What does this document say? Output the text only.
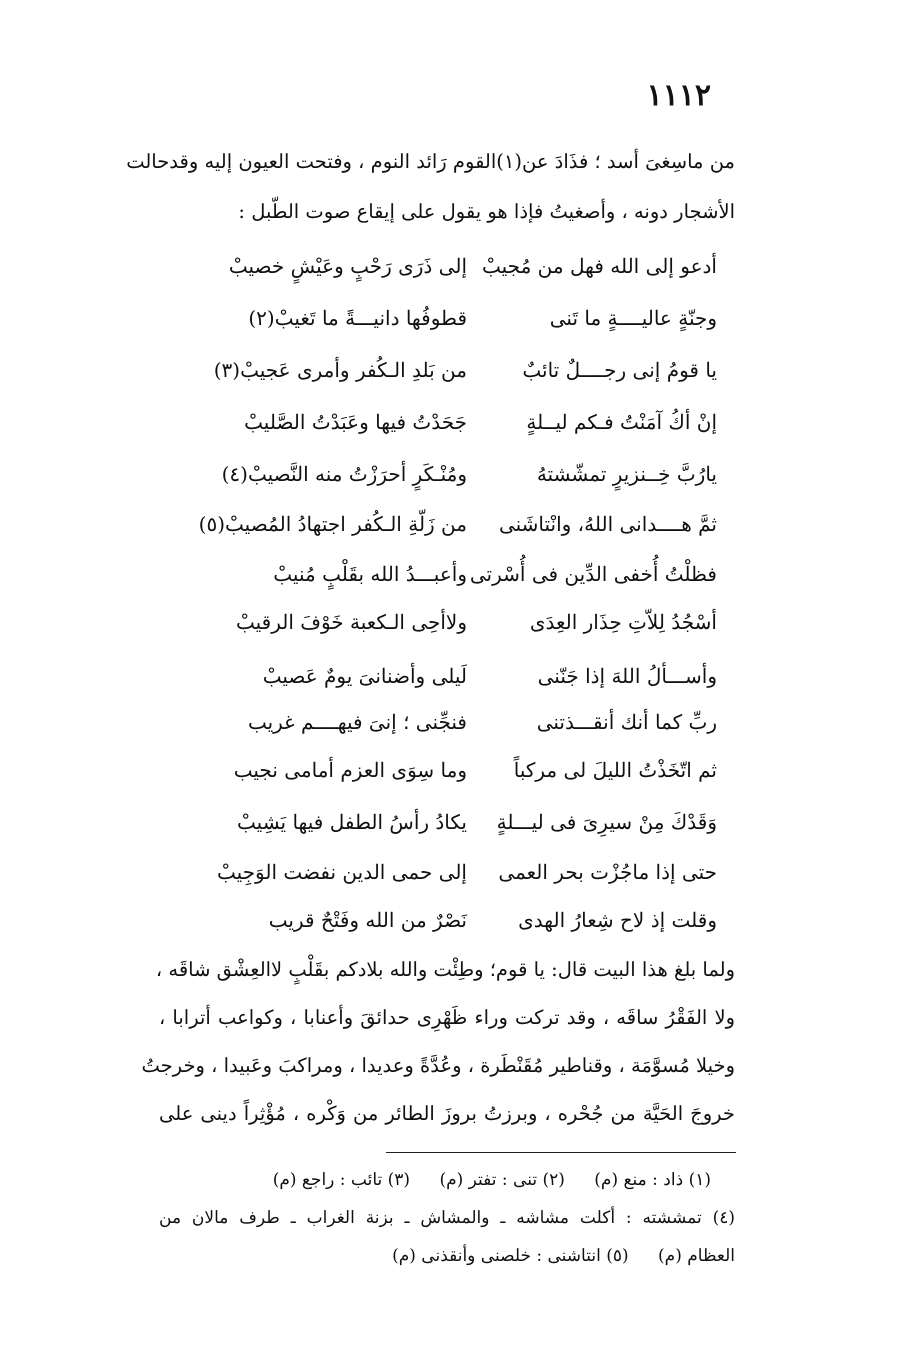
١١١٢
من ماسِغىَ أسد ؛ فذَادَ عن(١)القوم رَائد النوم ، وفتحت العيون إليه وقدحالت
الأشجار دونه ، وأصغيتُ فإذا هو يقول على إيقاع صوت الطّبل :
أدعو إلى الله فهل من مُجيبْ
إلى ذَرَى رَحْبٍ وعَيْشٍ خصيبْ
وجنّةٍ عاليــــةٍ ما تَنى
قطوفُها دانيـــةً ما تَغيبْ(٢)
يا قومُ إنى رجــــلٌ تائبٌ
من بَلدِ الـكُفر وأمرى عَجيبْ(٣)
إنْ أكُ آمَنْتُ فـكم ليــلةٍ
جَحَدْتُ فيها وعَبَدْتُ الصَّليبْ
يارُبَّ خِــنزيرٍ تمشّشتهُ
ومُنْـكَرٍ أحرَزْتُ منه النَّصيبْ(٤)
ثمَّ هــــدانى اللهُ، وانْتاشَنى
من زَلّةِ الـكُفر اجتهادُ المُصيبْ(٥)
فظلْتُ أُخفى الدِّين فى أُسْرتى
وأعبـــدُ الله بقَلْبٍ مُنيبْ
أسْجُدُ لِلاّتِ حِذَار العِدَى
ولاأحِى الـكعبة خَوْفَ الرقيبْ
وأســـألُ اللهَ إذا جَنّنى
لَيلى وأضنانىَ يومٌ عَصيبْ
ربِّ كما أنك أنقـــذتنى
فنجِّنى ؛ إنىَ فيهــــم غريب
ثم اتّخَذْتُ الليلَ لى مركباً
وما سِوَى العزم أمامى نجيب
وَقَدْكَ مِنْ سيرِىَ فى ليـــلةٍ
يكادُ رأسُ الطفل فيها يَشِيبْ
حتى إذا ماجُزْت بحر العمى
إلى حمى الدين نفضت الوَجِيبْ
وقلت إذ لاح شِعارُ الهدى
نَصْرٌ من الله وفَتْحٌ قريب
ولما بلغ هذا البيت قال: يا قوم؛ وطِئْت والله بلادكم بقَلْبٍ لاالعِشْق شاقَه ،
ولا الفَقْرُ ساقَه ، وقد تركت وراء ظَهْرِى حدائقَ وأعنابا ، وكواعب أترابا ،
وخيلا مُسوَّمَة ، وقناطير مُقَنْطَرة ، وعُدَّةً وعديدا ، ومراكبَ وعَبيدا ، وخرجتُ
خروجَ الحَيَّة من جُحْره ، وبرزتُ بروزَ الطائر من وَكْره ، مُؤْثِراً دينى على
(١) ذاد : منع (م) (٢) تنى : تفتر (م) (٣) تائب : راجع (م)
(٤) تمششته : أكلت مشاشه ـ والمشاش ـ بزنة الغراب ـ طرف مالان من
العظام (م) (٥) انتاشنى : خلصنى وأنقذنى (م)
